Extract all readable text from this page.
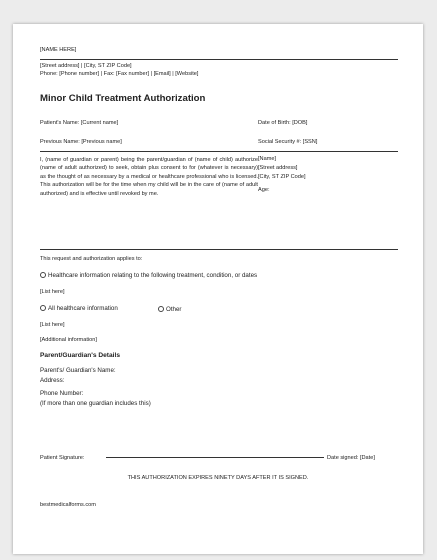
[NAME HERE]
[Street address] | [City, ST ZIP Code]
Phone: [Phone number] | Fax: [Fax number] | [Email] | [Website]
Minor Child Treatment Authorization
Patient's Name: [Current name]	Date of Birth: [DOB]
Previous Name: [Previous name]	Social Security #: [SSN]
I, (name of guardian or parent) being the parent/guardian of (name of child) authorize (name of adult authorized) to seek, obtain plus consent to for (whatever is necessary) as the thought of as necessary by a medical or healthcare professional who is licensed. This authorization will be for the time when my child will be in the care of (name of adult authorized) and is effective until revoked by me.
[Name]
[Street address]
[City, ST ZIP Code]
Age:
This request and authorization applies to:
Healthcare information relating to the following treatment, condition, or dates
[List here]
All healthcare information	Other
[List here]
[Additional information]
Parent/Guardian's Details
Parent's/ Guardian's Name:
Address:
Phone Number:
(If more than one guardian includes this)
Patient Signature:	Date signed: [Date]
THIS AUTHORIZATION EXPIRES NINETY DAYS AFTER IT IS SIGNED.
bestmedicalforms.com
